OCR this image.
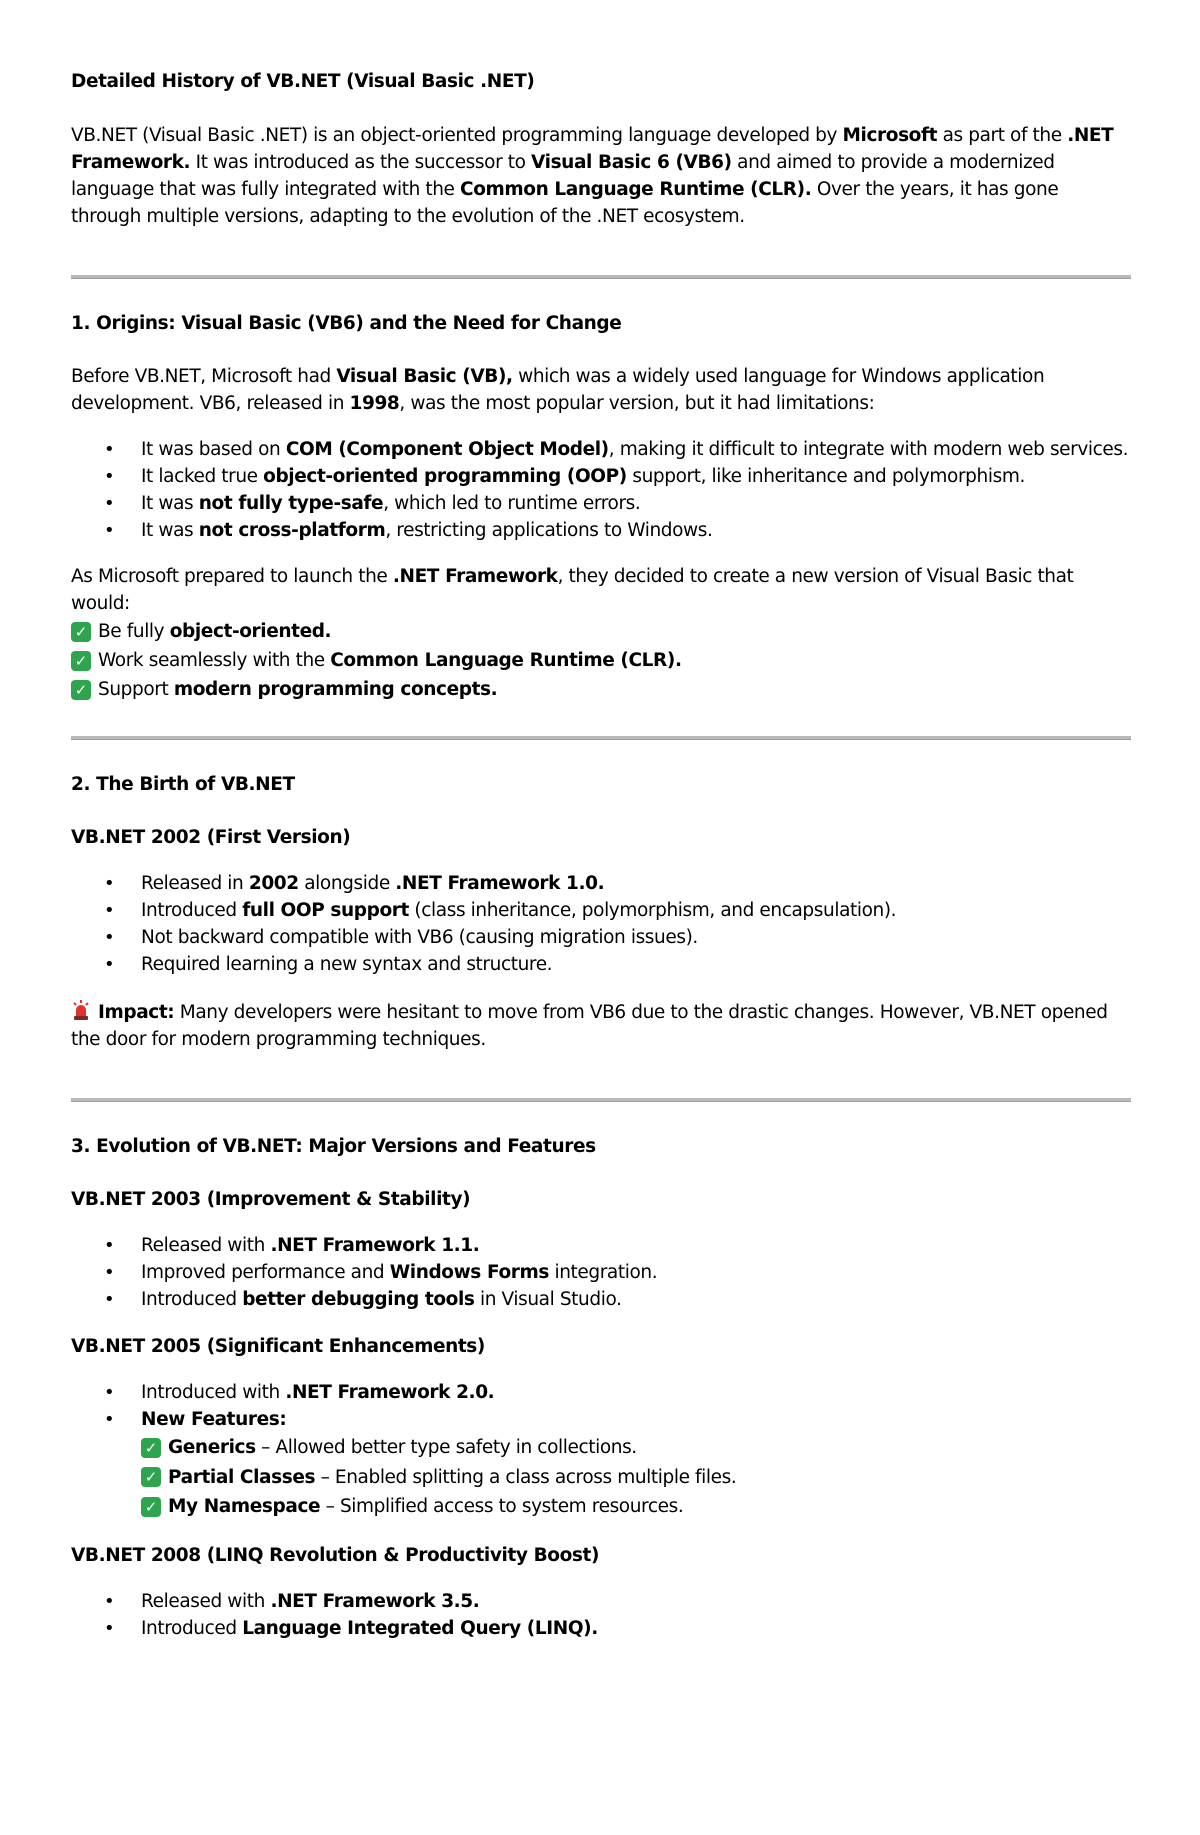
Detailed History of VB.NET (Visual Basic .NET)

VB.NET (Visual Basic .NET) is an object-oriented programming language developed by Microsoft as part of the .NET Framework. It was introduced as the successor to Visual Basic 6 (VB6) and aimed to provide a modernized language that was fully integrated with the Common Language Runtime (CLR). Over the years, it has gone through multiple versions, adapting to the evolution of the .NET ecosystem.

1. Origins: Visual Basic (VB6) and the Need for Change

Before VB.NET, Microsoft had Visual Basic (VB), which was a widely used language for Windows application development. VB6, released in 1998, was the most popular version, but it had limitations:

• It was based on COM (Component Object Model), making it difficult to integrate with modern web services.
• It lacked true object-oriented programming (OOP) support, like inheritance and polymorphism.
• It was not fully type-safe, which led to runtime errors.
• It was not cross-platform, restricting applications to Windows.

As Microsoft prepared to launch the .NET Framework, they decided to create a new version of Visual Basic that would:

✓ Be fully object-oriented.
✓ Work seamlessly with the Common Language Runtime (CLR).
✓ Support modern programming concepts.

2. The Birth of VB.NET

VB.NET 2002 (First Version)

• Released in 2002 alongside .NET Framework 1.0.
• Introduced full OOP support (class inheritance, polymorphism, and encapsulation).
• Not backward compatible with VB6 (causing migration issues).
• Required learning a new syntax and structure.

Impact: Many developers were hesitant to move from VB6 due to the drastic changes. However, VB.NET opened the door for modern programming techniques.

3. Evolution of VB.NET: Major Versions and Features

VB.NET 2003 (Improvement & Stability)

• Released with .NET Framework 1.1.
• Improved performance and Windows Forms integration.
• Introduced better debugging tools in Visual Studio.

VB.NET 2005 (Significant Enhancements)

• Introduced with .NET Framework 2.0.
• New Features:
✓ Generics – Allowed better type safety in collections.
✓ Partial Classes – Enabled splitting a class across multiple files.
✓ My Namespace – Simplified access to system resources.

VB.NET 2008 (LINQ Revolution & Productivity Boost)

• Released with .NET Framework 3.5.
• Introduced Language Integrated Query (LINQ).
